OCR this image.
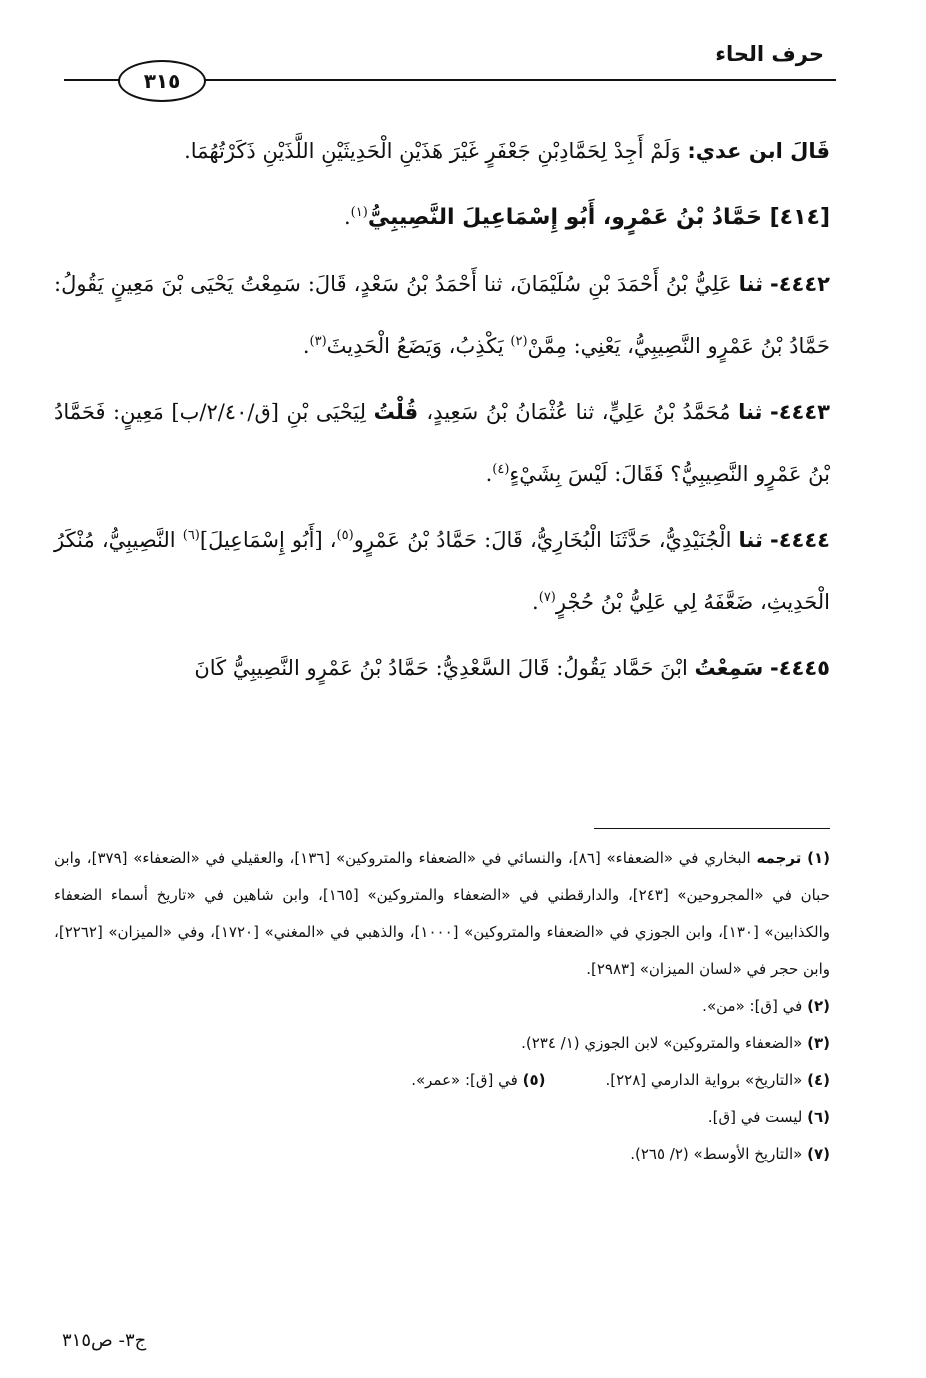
حرف الحاء
٣١٥

قَالَ ابن عدي: وَلَمْ أَجِدْ لِحَمَّادِبْنِ جَعْفَرٍ غَيْرَ هَذَيْنِ الْحَدِيثَيْنِ اللَّذَيْنِ ذَكَرْتُهُمَا.

[٤١٤] حَمَّادُ بْنُ عَمْرٍو، أَبُو إِسْمَاعِيلَ النَّصِيبِيُّ$^{(١)}$.

٤٤٤٢- ثنا عَلِيُّ بْنُ أَحْمَدَ بْنِ سُلَيْمَانَ، ثنا أَحْمَدُ بْنُ سَعْدٍ، قَالَ: سَمِعْتُ يَحْيَى بْنَ مَعِينٍ يَقُولُ: حَمَّادُ بْنُ عَمْرٍو النَّصِيبِيُّ، يَعْنِي: مِمَّنْ$^{(٢)}$ يَكْذِبُ، وَيَضَعُ الْحَدِيثَ$^{(٣)}$.

٤٤٤٣- ثنا مُحَمَّدُ بْنُ عَلِيٍّ، ثنا عُثْمَانُ بْنُ سَعِيدٍ، قُلْتُ لِيَحْيَى بْنِ [ق/٢/٤٠/ب] مَعِينٍ: فَحَمَّادُ بْنُ عَمْرٍو النَّصِيبِيُّ؟ فَقَالَ: لَيْسَ بِشَيْءٍ$^{(٤)}$.

٤٤٤٤- ثنا الْجُنَيْدِيُّ، حَدَّثَنَا الْبُخَارِيُّ، قَالَ: حَمَّادُ بْنُ عَمْرٍو$^{(٥)}$، [أَبُو إِسْمَاعِيلَ]$^{(٦)}$ النَّصِيبِيُّ، مُنْكَرُ الْحَدِيثِ، ضَعَّفَهُ لِي عَلِيُّ بْنُ حُجْرٍ$^{(٧)}$.

٤٤٤٥- سَمِعْتُ ابْنَ حَمَّاد يَقُولُ: قَالَ السَّعْدِيُّ: حَمَّادُ بْنُ عَمْرٍو النَّصِيبِيُّ كَانَ

(١) ترجمه البخاري في «الضعفاء» [٨٦]، والنسائي في «الضعفاء والمتروكين» [١٣٦]، والعقيلي في «الضعفاء» [٣٧٩]، وابن حبان في «المجروحين» [٢٤٣]، والدارقطني في «الضعفاء والمتروكين» [١٦٥]، وابن شاهين في «تاريخ أسماء الضعفاء والكذابين» [١٣٠]، وابن الجوزي في «الضعفاء والمتروكين» [١٠٠٠]، والذهبي في «المغني» [١٧٢٠]، وفي «الميزان» [٢٢٦٢]، وابن حجر في «لسان الميزان» [٢٩٨٣].

(٢) في [ق]: «من».

(٣) «الضعفاء والمتروكين» لابن الجوزي (١/ ٢٣٤).

(٤) «التاريخ» برواية الدارمي [٢٢٨].
(٥) في [ق]: «عمر».

(٦) ليست في [ق].

(٧) «التاريخ الأوسط» (٢/ ٢٦٥).

ج٣- ص٣١٥
